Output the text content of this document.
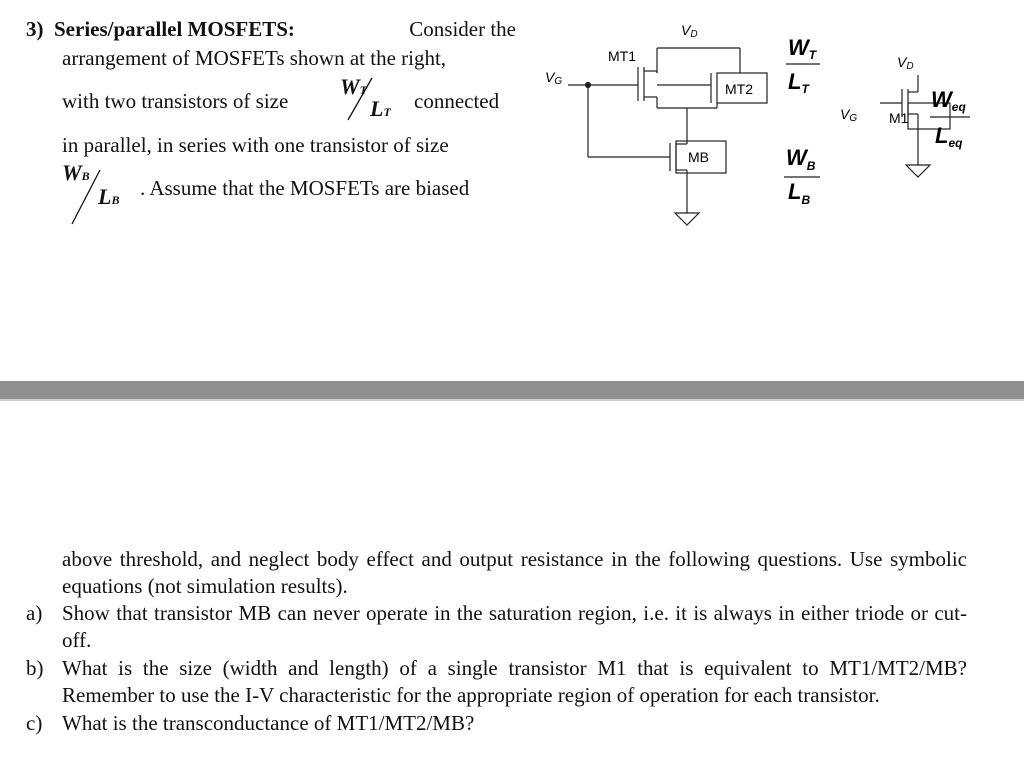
3) Series/parallel MOSFETS:	Consider the
arrangement of MOSFETs shown at the right,
with two transistors of size	connected
in parallel, in series with one transistor of size
. Assume that the MOSFETs are biased
WT
LT
WB
LB
VD
MT1
MT2
VG
MB
VD
VG M1
WT
LT
$W_B$
$L_B$
Weq
Leq
above threshold, and neglect body effect and output resistance in the following questions. Use symbolic equations (not simulation results).
a) Show that transistor MB can never operate in the saturation region, i.e. it is always in either triode or cut-off.
b) What is the size (width and length) of a single transistor M1 that is equivalent to MT1/MT2/MB? Remember to use the I-V characteristic for the appropriate region of operation for each transistor.
c) What is the transconductance of MT1/MT2/MB?
